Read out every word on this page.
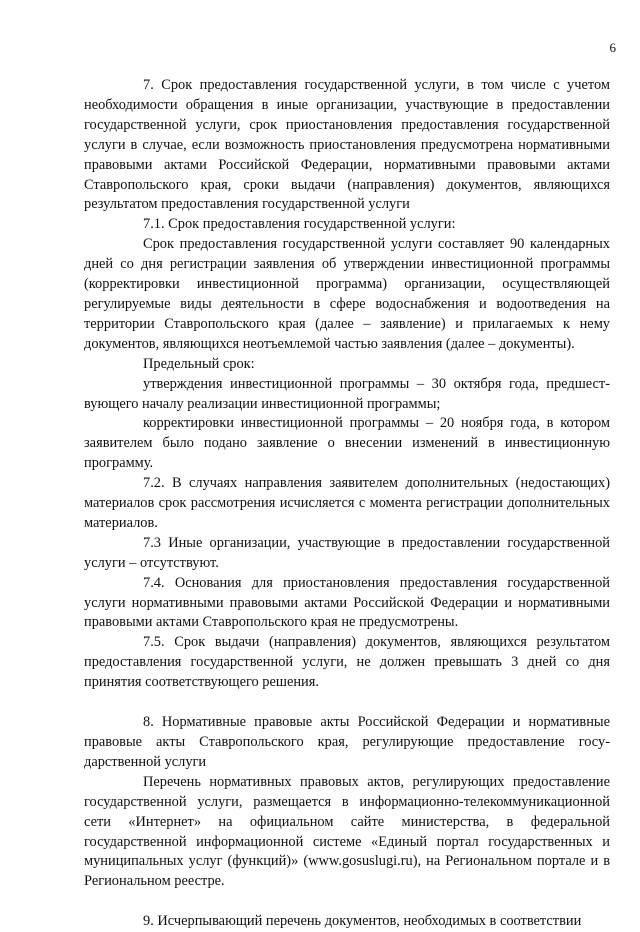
6

7. Срок предоставления государственной услуги, в том числе с учетом необходимости обращения в иные организации, участвующие в предоставлении государственной услуги, срок приостановления предоставления государственной услуги в случае, если возможность приостановления предусмотрена нормативными правовыми актами Российской Федерации, нормативными правовыми актами Ставропольского края, сроки выдачи (направления) документов, являющихся результатом предоставления государственной услуги

7.1. Срок предоставления государственной услуги:

Срок предоставления государственной услуги составляет 90 календарных дней со дня регистрации заявления об утверждении инвестиционной программы (корректировки инвестиционной программа) организации, осуществляющей регулируемые виды деятельности в сфере водоснабжения и водоотведения на территории Ставропольского края (далее – заявление) и прилагаемых к нему документов, являющихся неотъемлемой частью заявления (далее – документы).

Предельный срок:

утверждения инвестиционной программы – 30 октября года, предшествующего началу реализации инвестиционной программы;

корректировки инвестиционной программы – 20 ноября года, в котором заявителем было подано заявление о внесении изменений в инвестиционную программу.

7.2. В случаях направления заявителем дополнительных (недостающих) материалов срок рассмотрения исчисляется с момента регистрации дополнительных материалов.

7.3 Иные организации, участвующие в предоставлении государственной услуги – отсутствуют.

7.4. Основания для приостановления предоставления государственной услуги нормативными правовыми актами Российской Федерации и нормативными правовыми актами Ставропольского края не предусмотрены.

7.5. Срок выдачи (направления) документов, являющихся результатом предоставления государственной услуги, не должен превышать 3 дней со дня принятия соответствующего решения.

8. Нормативные правовые акты Российской Федерации и нормативные правовые акты Ставропольского края, регулирующие предоставление государственной услуги

Перечень нормативных правовых актов, регулирующих предоставление государственной услуги, размещается в информационно-телекоммуникационной сети «Интернет» на официальном сайте министерства, в федеральной государственной информационной системе «Единый портал государственных и муниципальных услуг (функций)» (www.gosuslugi.ru), на Региональном портале и в Региональном реестре.

9. Исчерпывающий перечень документов, необходимых в соответствии
